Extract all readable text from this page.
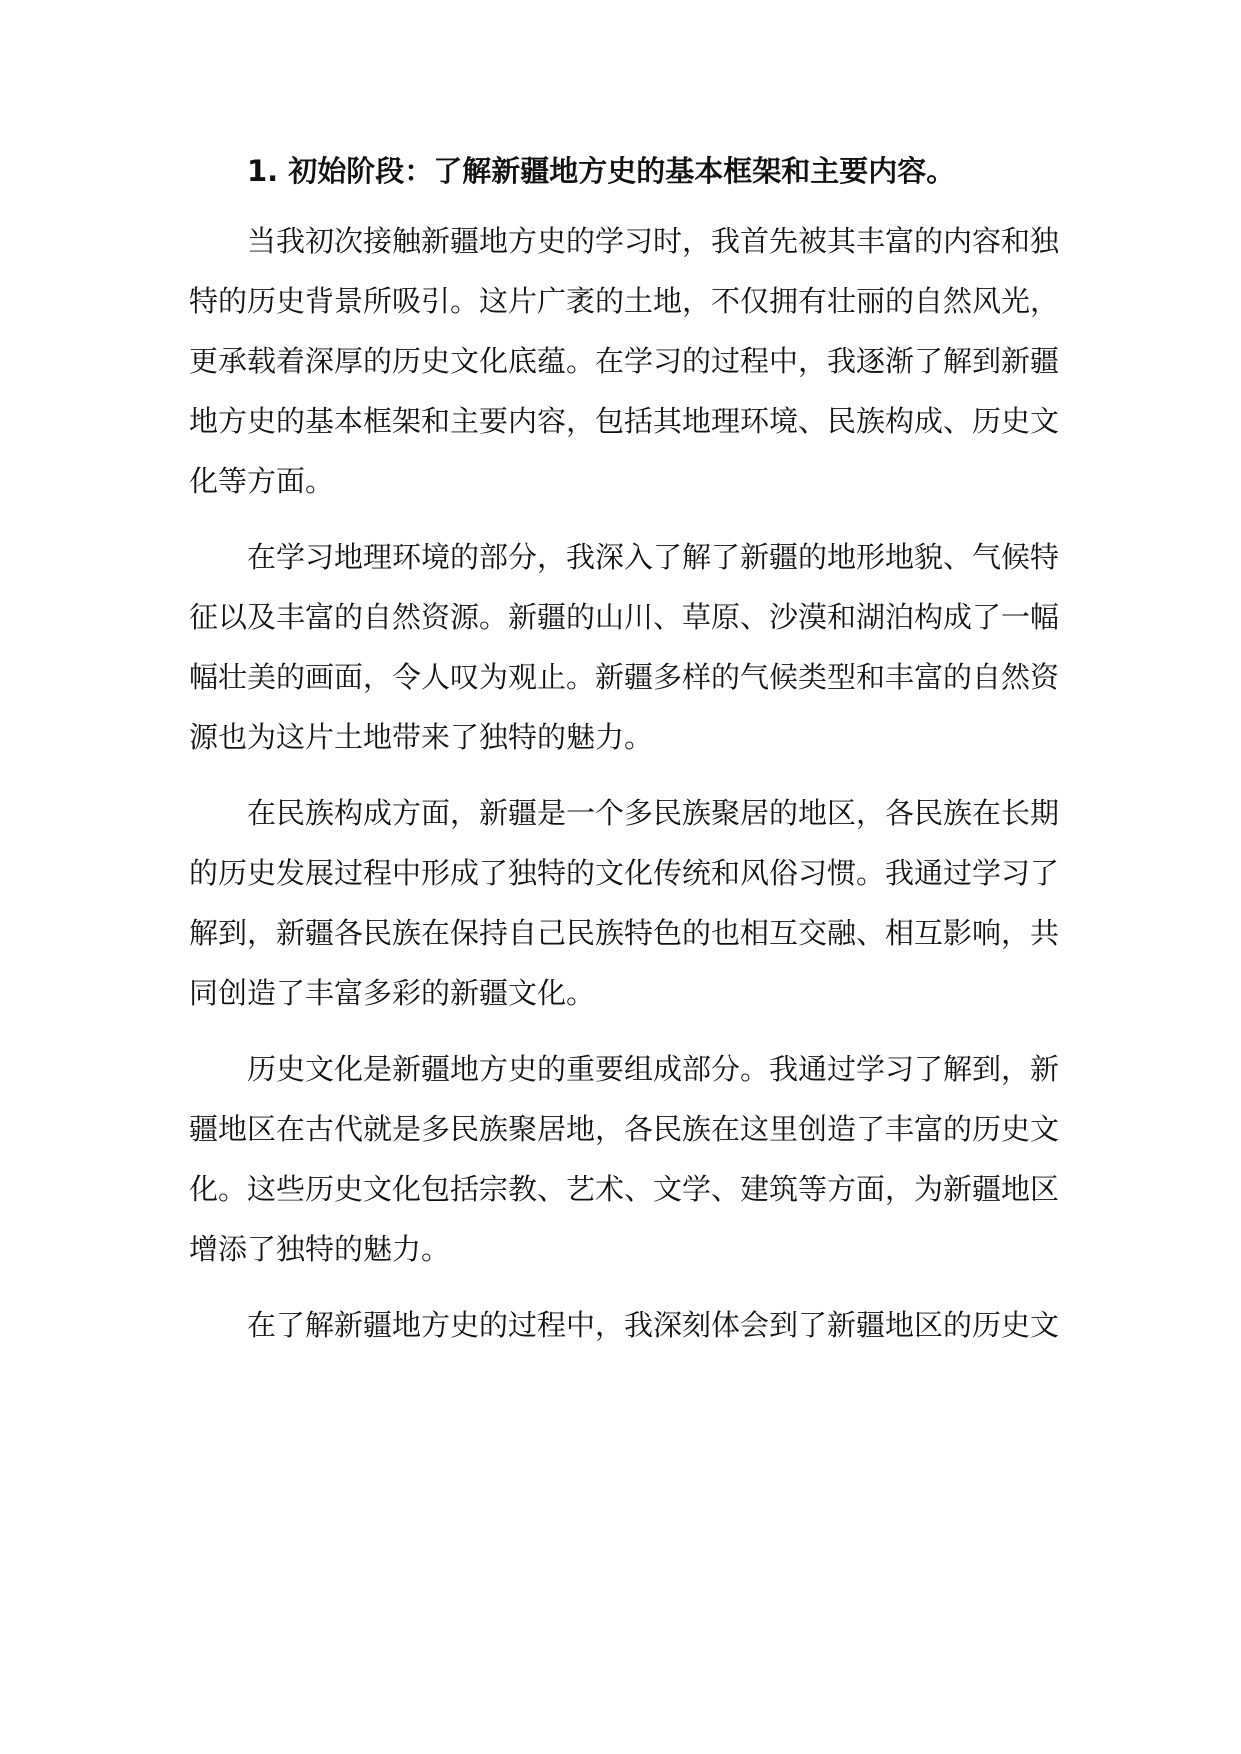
1. 初始阶段：了解新疆地方史的基本框架和主要内容。

当我初次接触新疆地方史的学习时，我首先被其丰富的内容和独特的历史背景所吸引。这片广袤的土地，不仅拥有壮丽的自然风光，更承载着深厚的历史文化底蕴。在学习的过程中，我逐渐了解到新疆地方史的基本框架和主要内容，包括其地理环境、民族构成、历史文化等方面。

在学习地理环境的部分，我深入了解了新疆的地形地貌、气候特征以及丰富的自然资源。新疆的山川、草原、沙漠和湖泊构成了一幅幅壮美的画面，令人叹为观止。新疆多样的气候类型和丰富的自然资源也为这片土地带来了独特的魅力。

在民族构成方面，新疆是一个多民族聚居的地区，各民族在长期的历史发展过程中形成了独特的文化传统和风俗习惯。我通过学习了解到，新疆各民族在保持自己民族特色的也相互交融、相互影响，共同创造了丰富多彩的新疆文化。

历史文化是新疆地方史的重要组成部分。我通过学习了解到，新疆地区在古代就是多民族聚居地，各民族在这里创造了丰富的历史文化。这些历史文化包括宗教、艺术、文学、建筑等方面，为新疆地区增添了独特的魅力。

在了解新疆地方史的过程中，我深刻体会到了新疆地区的历史文
